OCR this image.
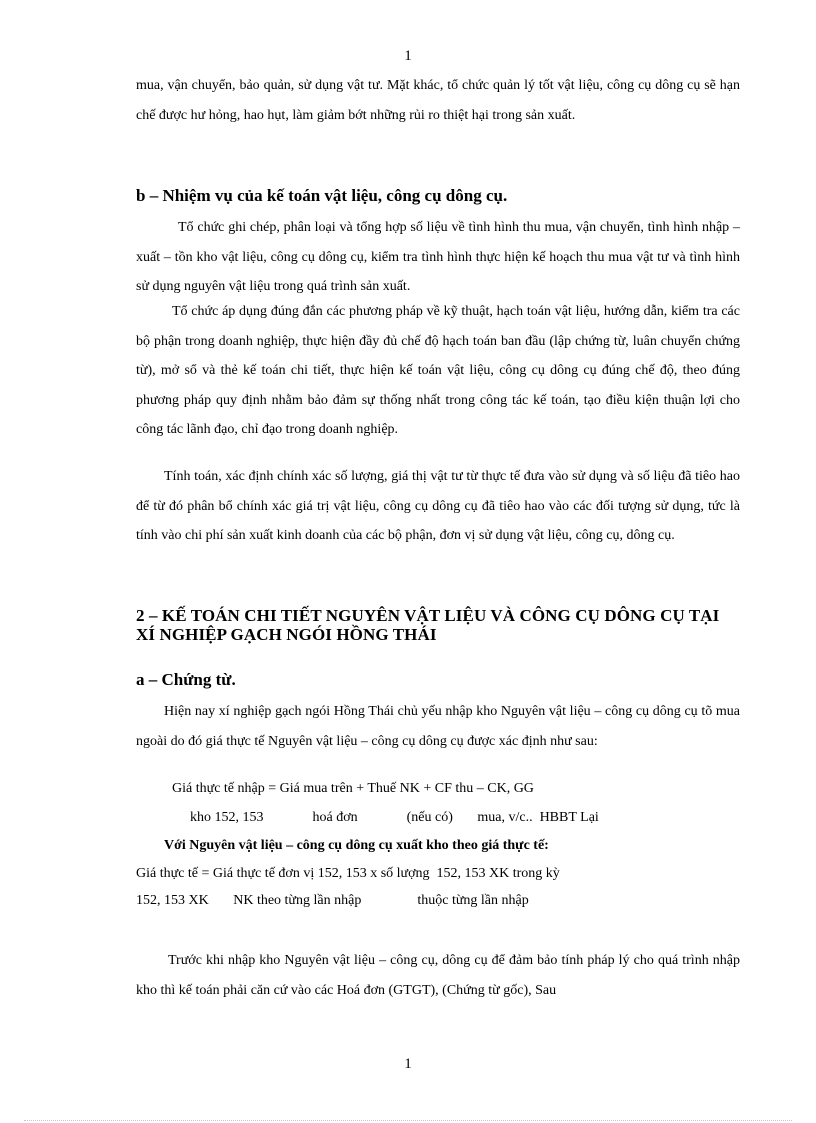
1

mua, vận chuyển, bảo quản, sử dụng vật tư. Mặt khác, tổ chức quản lý tốt vật liệu, công cụ dông cụ sẽ hạn chế được hư hỏng, hao hụt, làm giảm bớt những rủi ro thiệt hại trong sản xuất.

b – Nhiệm vụ của kế toán vật liệu, công cụ dông cụ.

Tổ chức ghi chép, phân loại và tổng hợp số liệu về tình hình thu mua, vận chuyển, tình hình nhập – xuất – tồn kho vật liệu, công cụ dông cụ, kiểm tra tình hình thực hiện kế hoạch thu mua vật tư và tình hình sử dụng nguyên vật liệu trong quá trình sản xuất.

Tổ chức áp dụng đúng đắn các phương pháp về kỹ thuật, hạch toán vật liệu, hướng dẫn, kiểm tra các bộ phận trong doanh nghiệp, thực hiện đầy đủ chế độ hạch toán ban đầu (lập chứng từ, luân chuyển chứng từ), mở sổ và thẻ kế toán chi tiết, thực hiện kế toán vật liệu, công cụ dông cụ đúng chế độ, theo đúng phương pháp quy định nhằm bảo đảm sự thống nhất trong công tác kế toán, tạo điều kiện thuận lợi cho công tác lãnh đạo, chỉ đạo trong doanh nghiệp.

Tính toán, xác định chính xác số lượng, giá thị vật tư từ thực tế đưa vào sử dụng và số liệu đã tiêo hao để từ đó phân bổ chính xác giá trị vật liệu, công cụ dông cụ đã tiêo hao vào các đối tượng sử dụng, tức là tính vào chi phí sản xuất kinh doanh của các bộ phận, đơn vị sử dụng vật liệu, công cụ, dông cụ.

2 – KẾ TOÁN CHI TIẾT NGUYÊN VẬT LIỆU VÀ CÔNG CỤ DÔNG CỤ TẠI XÍ NGHIỆP GẠCH NGÓI HỒNG THÁI
a – Chứng từ.

Hiện nay xí nghiệp gạch ngói Hồng Thái chủ yếu nhập kho Nguyên vật liệu – công cụ dông cụ tõ mua ngoài do đó giá thực tế Nguyên vật liệu – công cụ dông cụ được xác định như sau:

Giá thực tế nhập = Giá mua trên + Thuế NK + CF thu – CK, GG

kho 152, 153              hoá đơn              (nếu có)       mua, v/c..  HBBT Lại

Với Nguyên vật liệu – công cụ dông cụ xuất kho theo giá thực tế:

Giá thực tế = Giá thực tế đơn vị 152, 153 x số lượng  152, 153 XK trong kỳ

152, 153 XK       NK theo từng lần nhập                thuộc từng lần nhập

Trước khi nhập kho Nguyên vật liệu – công cụ, dông cụ để đảm bảo tính pháp lý cho quá trình nhập kho thì kế toán phải căn cứ vào các Hoá đơn (GTGT), (Chứng từ gốc), Sau

1
